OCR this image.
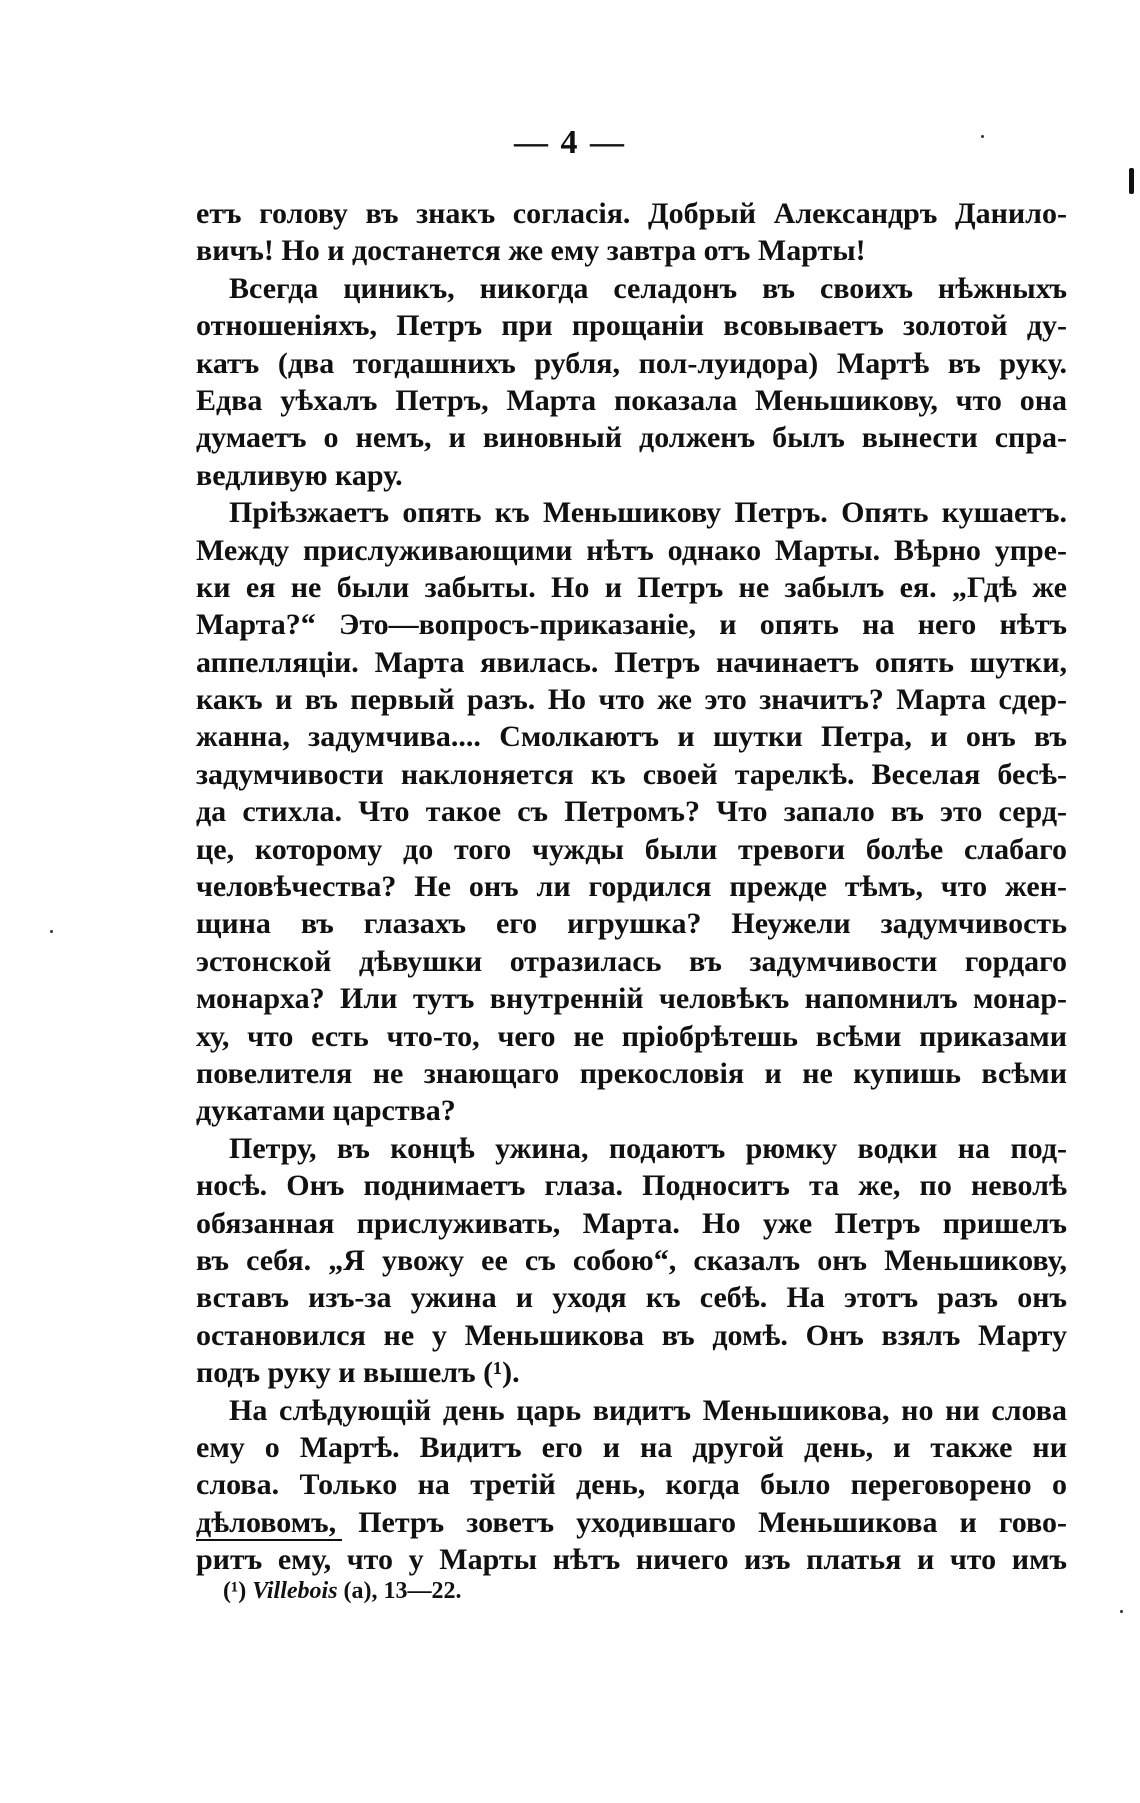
— 4 —
етъ голову въ знакъ согласія. Добрый Александръ Данило-
вичъ! Но и достанется же ему завтра отъ Марты!
Всегда циникъ, никогда селадонъ въ своихъ нѣжныхъ
отношеніяхъ, Петръ при прощаніи всовываетъ золотой ду-
катъ (два тогдашнихъ рубля, пол-луидора) Мартѣ въ руку.
Едва уѣхалъ Петръ, Марта показала Меньшикову, что она
думаетъ о немъ, и виновный долженъ былъ вынести спра-
ведливую кару.
Пріѣзжаетъ опять къ Меньшикову Петръ. Опять кушаетъ.
Между прислуживающими нѣтъ однако Марты. Вѣрно упре-
ки ея не были забыты. Но и Петръ не забылъ ея. „Гдѣ же
Марта?“ Это—вопросъ-приказаніе, и опять на него нѣтъ
аппелляціи. Марта явилась. Петръ начинаетъ опять шутки,
какъ и въ первый разъ. Но что же это значитъ? Марта сдер-
жанна, задумчива.... Смолкаютъ и шутки Петра, и онъ въ
задумчивости наклоняется къ своей тарелкѣ. Веселая бесѣ-
да стихла. Что такое съ Петромъ? Что запало въ это серд-
це, которому до того чужды были тревоги болѣе слабаго
человѣчества? Не онъ ли гордился прежде тѣмъ, что жен-
щина въ глазахъ его игрушка? Неужели задумчивость
эстонской дѣвушки отразилась въ задумчивости гордаго
монарха? Или тутъ внутренній человѣкъ напомнилъ монар-
ху, что есть что-то, чего не пріобрѣтешь всѣми приказами
повелителя не знающаго прекословія и не купишь всѣми
дукатами царства?
Петру, въ концѣ ужина, подаютъ рюмку водки на под-
носѣ. Онъ поднимаетъ глаза. Подноситъ та же, по неволѣ
обязанная прислуживать, Марта. Но уже Петръ пришелъ
въ себя. „Я увожу ее съ собою“, сказалъ онъ Меньшикову,
вставъ изъ-за ужина и уходя къ себѣ. На этотъ разъ онъ
остановился не у Меньшикова въ домѣ. Онъ взялъ Марту
подъ руку и вышелъ (¹).
На слѣдующій день царь видитъ Меньшикова, но ни слова
ему о Мартѣ. Видитъ его и на другой день, и также ни
слова. Только на третій день, когда было переговорено о
дѣловомъ, Петръ зоветъ уходившаго Меньшикова и гово-
ритъ ему, что у Марты нѣтъ ничего изъ платья и что имъ
(¹) Villebois (а), 13—22.
